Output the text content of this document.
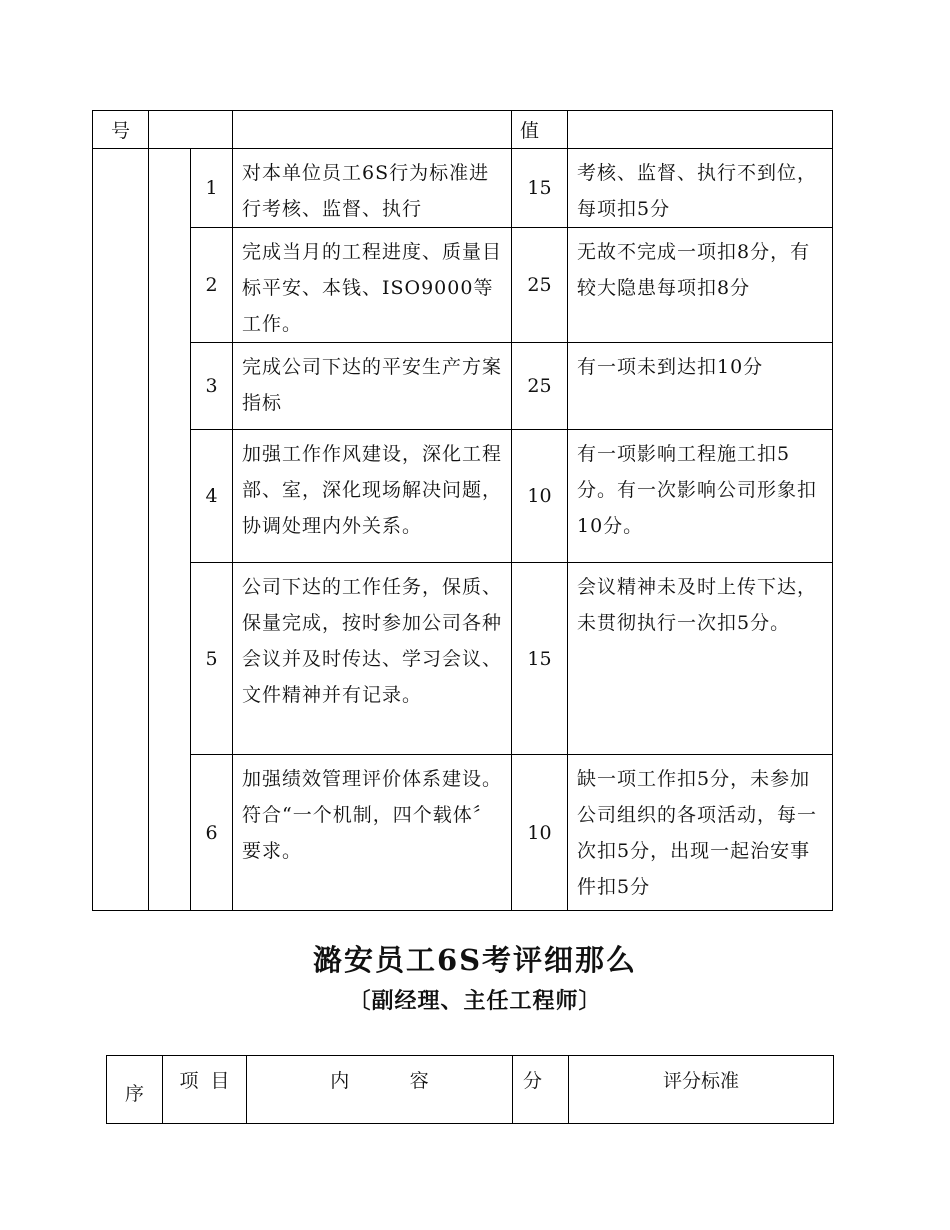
号				值	
		1	对本单位员工6S行为标准进行考核、监督、执行	15	考核、监督、执行不到位，每项扣5分
		2	完成当月的工程进度、质量目标平安、本钱、ISO9000等工作。	25	无故不完成一项扣8分，有较大隐患每项扣8分
		3	完成公司下达的平安生产方案指标	25	有一项未到达扣10分
		4	加强工作作风建设，深化工程部、室，深化现场解决问题，协调处理内外关系。	10	有一项影响工程施工扣5分。有一次影响公司形象扣10分。
		5	公司下达的工作任务，保质、保量完成，按时参加公司各种会议并及时传达、学习会议、文件精神并有记录。	15	会议精神未及时上传下达，未贯彻执行一次扣5分。
		6	加强绩效管理评价体系建设。符合“一个机制，四个载体〞要求。	10	缺一项工作扣5分，未参加公司组织的各项活动，每一次扣5分，出现一起治安事件扣5分
潞安员工6S考评细那么
〔副经理、主任工程师〕
序	项  目	内          容	分	评分标准
